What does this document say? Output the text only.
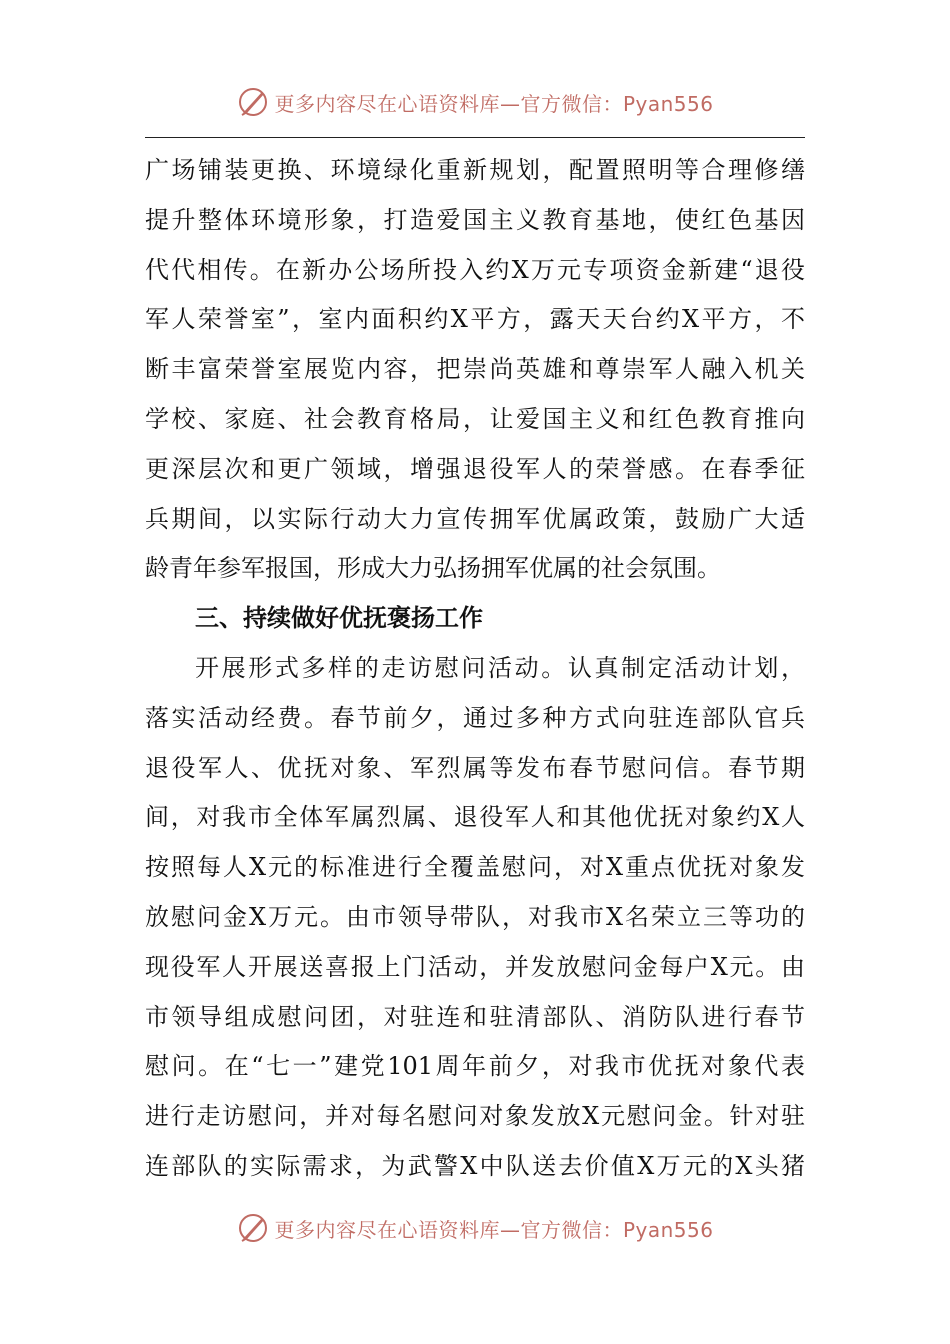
更多内容尽在心语资料库—官方微信：Pyan556
广场铺装更换、环境绿化重新规划，配置照明等合理修缮
提升整体环境形象，打造爱国主义教育基地，使红色基因
代代相传。在新办公场所投入约X万元专项资金新建“退役
军人荣誉室”，室内面积约X平方，露天天台约X平方，不
断丰富荣誉室展览内容，把崇尚英雄和尊崇军人融入机关
学校、家庭、社会教育格局，让爱国主义和红色教育推向
更深层次和更广领域，增强退役军人的荣誉感。在春季征
兵期间，以实际行动大力宣传拥军优属政策，鼓励广大适
龄青年参军报国，形成大力弘扬拥军优属的社会氛围。
三、持续做好优抚褒扬工作
开展形式多样的走访慰问活动。认真制定活动计划，
落实活动经费。春节前夕，通过多种方式向驻连部队官兵
退役军人、优抚对象、军烈属等发布春节慰问信。春节期
间，对我市全体军属烈属、退役军人和其他优抚对象约X人
按照每人X元的标准进行全覆盖慰问，对X重点优抚对象发
放慰问金X万元。由市领导带队，对我市X名荣立三等功的
现役军人开展送喜报上门活动，并发放慰问金每户X元。由
市领导组成慰问团，对驻连和驻清部队、消防队进行春节
慰问。在“七一”建党101周年前夕，对我市优抚对象代表
进行走访慰问，并对每名慰问对象发放X元慰问金。针对驻
连部队的实际需求，为武警X中队送去价值X万元的X头猪
更多内容尽在心语资料库—官方微信：Pyan556
